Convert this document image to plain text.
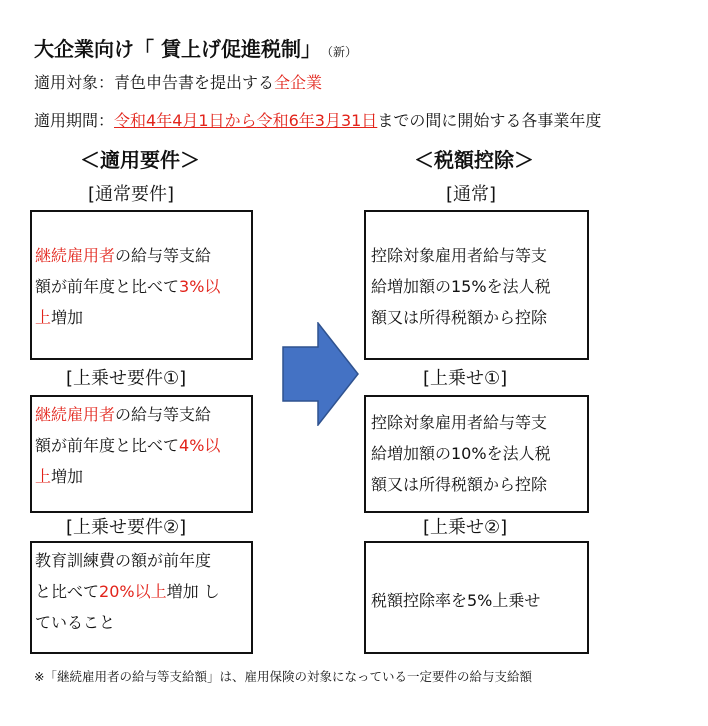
大企業向け「 賃上げ促進税制」 （新）
適用対象：青色申告書を提出する全企業
適用期間：令和4年4月1日から令和6年3月31日までの間に開始する各事業年度
＜適用要件＞	＜税額控除＞
[通常要件]
継続雇用者の給与等支給
額が前年度と比べて3%以
上増加
[上乗せ要件①]
継続雇用者の給与等支給
額が前年度と比べて4%以
上増加
[上乗せ要件②]
教育訓練費の額が前年度
と比べて20%以上増加 し
ていること
[通常]
控除対象雇用者給与等支
給増加額の15%を法人税
額又は所得税額から控除
[上乗せ①]
控除対象雇用者給与等支
給増加額の10%を法人税
額又は所得税額から控除
[上乗せ②]
税額控除率を5%上乗せ
※「継続雇用者の給与等支給額」は、雇用保険の対象になっている一定要件の給与支給額
